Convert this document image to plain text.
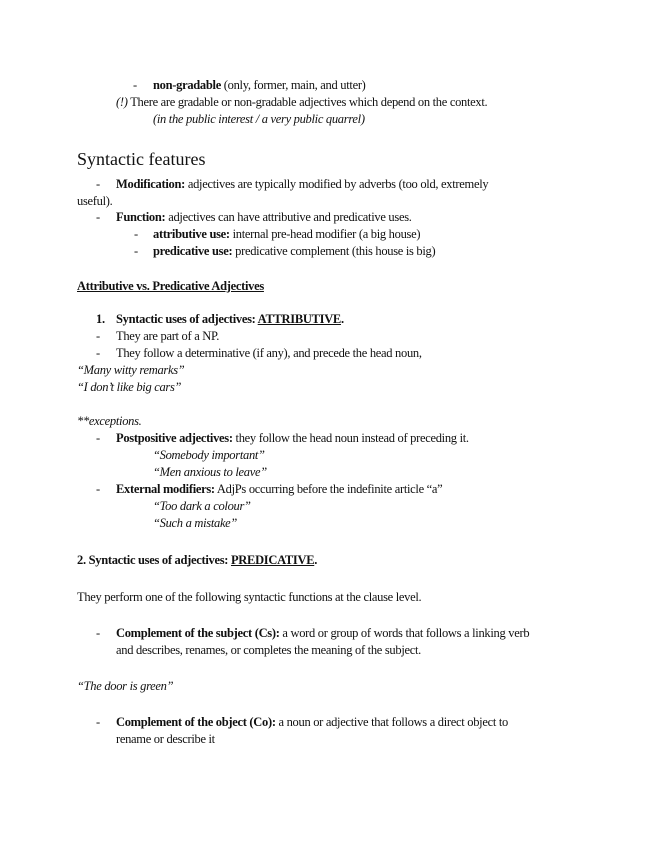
- non-gradable (only, former, main, and utter)
(!) There are gradable or non-gradable adjectives which depend on the context.
(in the public interest / a very public quarrel)
Syntactic features
- Modification: adjectives are typically modified by adverbs (too old, extremely
useful).
- Function: adjectives can have attributive and predicative uses.
- attributive use: internal pre-head modifier (a big house)
- predicative use: predicative complement (this house is big)
Attributive vs. Predicative Adjectives
1. Syntactic uses of adjectives: ATTRIBUTIVE.
- They are part of a NP.
- They follow a determinative (if any), and precede the head noun,
“Many witty remarks”
“I don’t like big cars”
**exceptions.
- Postpositive adjectives: they follow the head noun instead of preceding it.
“Somebody important”
“Men anxious to leave”
- External modifiers: AdjPs occurring before the indefinite article “a”
“Too dark a colour”
“Such a mistake”
2. Syntactic uses of adjectives: PREDICATIVE.
They perform one of the following syntactic functions at the clause level.
- Complement of the subject (Cs): a word or group of words that follows a linking verb
and describes, renames, or completes the meaning of the subject.
“The door is green”
- Complement of the object (Co): a noun or adjective that follows a direct object to
rename or describe it
